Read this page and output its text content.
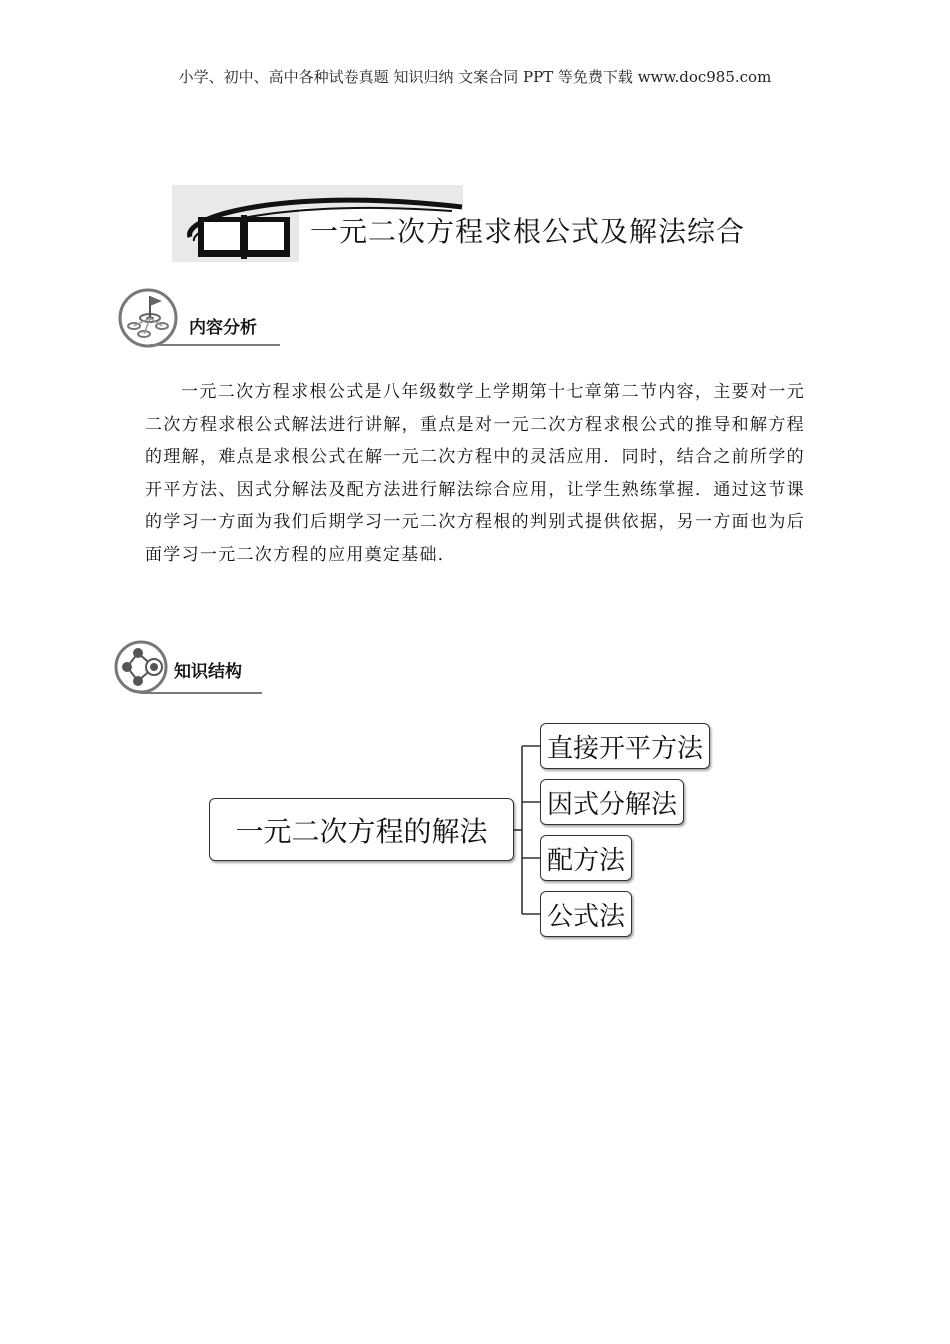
小学、初中、高中各种试卷真题 知识归纳 文案合同 PPT 等免费下载 www.doc985.com
一元二次方程求根公式及解法综合
内容分析
一元二次方程求根公式是八年级数学上学期第十七章第二节内容，主要对一元二次方程求根公式解法进行讲解，重点是对一元二次方程求根公式的推导和解方程的理解，难点是求根公式在解一元二次方程中的灵活应用．同时，结合之前所学的开平方法、因式分解法及配方法进行解法综合应用，让学生熟练掌握．通过这节课的学习一方面为我们后期学习一元二次方程根的判别式提供依据，另一方面也为后面学习一元二次方程的应用奠定基础．
知识结构
一元二次方程的解法
直接开平方法
因式分解法
配方法
公式法
